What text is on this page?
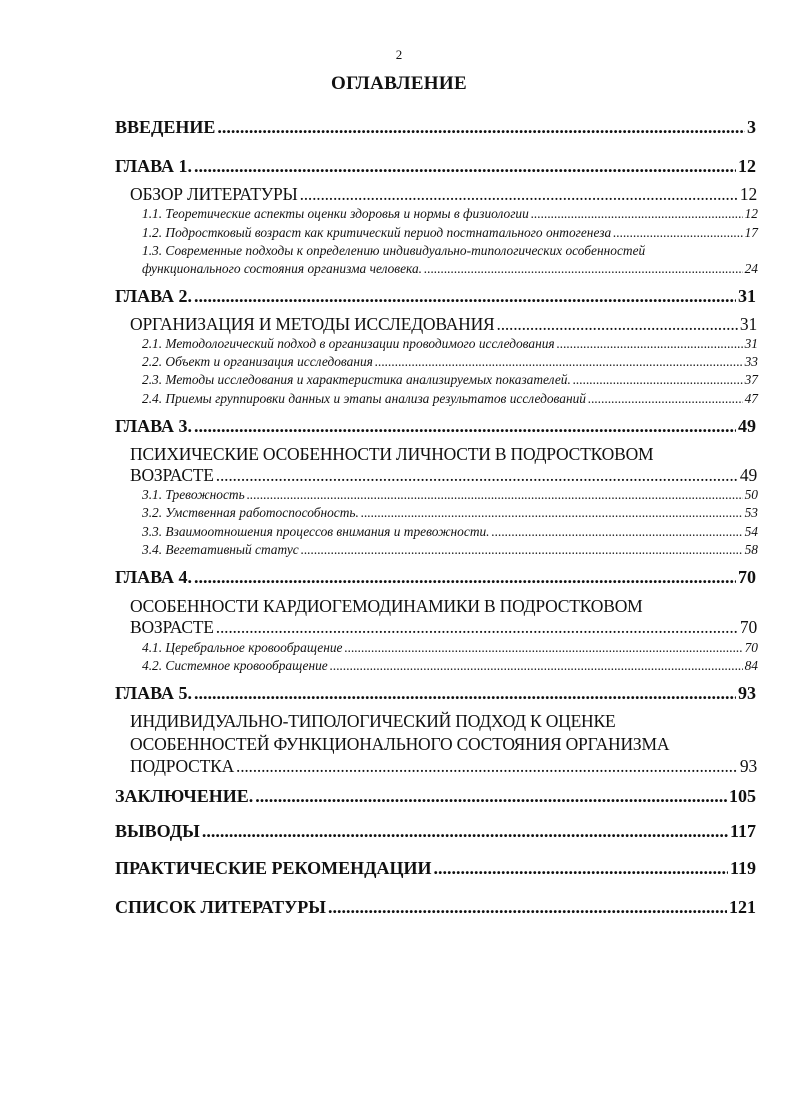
2
ОГЛАВЛЕНИЕ
ВВЕДЕНИЕ .....	3
ГЛАВА 1. .....	12
ОБЗОР ЛИТЕРАТУРЫ .....	12
1.1. Теоретические аспекты оценки здоровья и нормы в физиологии .....	12
1.2. Подростковый возраст как критический период постнатального онтогенеза .....	17
1.3. Современные подходы к определению индивидуально-типологических особенностей
функционального состояния организма человека. .....	24
ГЛАВА 2. .....	31
ОРГАНИЗАЦИЯ И МЕТОДЫ ИССЛЕДОВАНИЯ .....	31
2.1. Методологический подход в организации проводимого исследования .....	31
2.2. Объект и организация исследования .....	33
2.3. Методы исследования и характеристика анализируемых показателей. .....	37
2.4. Приемы группировки данных и этапы анализа результатов исследований .....	47
ГЛАВА 3. .....	49
ПСИХИЧЕСКИЕ ОСОБЕННОСТИ ЛИЧНОСТИ В ПОДРОСТКОВОМ
ВОЗРАСТЕ .....	49
3.1. Тревожность .....	50
3.2. Умственная работоспособность. .....	53
3.3. Взаимоотношения процессов внимания и тревожности. .....	54
3.4. Вегетативный статус .....	58
ГЛАВА 4. .....	70
ОСОБЕННОСТИ КАРДИОГЕМОДИНАМИКИ В ПОДРОСТКОВОМ
ВОЗРАСТЕ .....	70
4.1. Церебральное кровообращение .....	70
4.2. Системное кровообращение .....	84
ГЛАВА 5. .....	93
ИНДИВИДУАЛЬНО-ТИПОЛОГИЧЕСКИЙ ПОДХОД К ОЦЕНКЕ
ОСОБЕННОСТЕЙ ФУНКЦИОНАЛЬНОГО СОСТОЯНИЯ ОРГАНИЗМА
ПОДРОСТКА .....	93
ЗАКЛЮЧЕНИЕ. .....	105
ВЫВОДЫ .....	117
ПРАКТИЧЕСКИЕ РЕКОМЕНДАЦИИ .....	119
СПИСОК ЛИТЕРАТУРЫ .....	121
